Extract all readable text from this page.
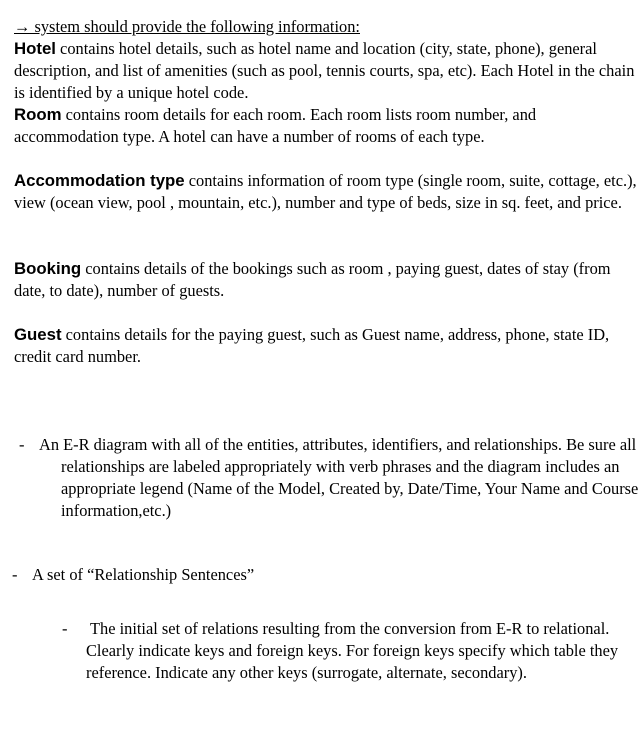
→ system should provide the following information:

Hotel contains hotel details, such as hotel name and location (city, state, phone), general description, and list of amenities (such as pool, tennis courts, spa, etc). Each Hotel in the chain is identified by a unique hotel code.

Room contains room details for each room. Each room lists room number, and accommodation type. A hotel can have a number of rooms of each type.

Accommodation type contains information of room type (single room, suite, cottage, etc.), view (ocean view, pool , mountain, etc.), number and type of beds, size in sq. feet, and price.

Booking contains details of the bookings such as room , paying guest, dates of stay (from date, to date), number of guests.

Guest contains details for the paying guest, such as Guest name, address, phone, state ID, credit card number.

- An E-R diagram with all of the entities, attributes, identifiers, and relationships. Be sure all relationships are labeled appropriately with verb phrases and the diagram includes an appropriate legend (Name of the Model, Created by, Date/Time, Your Name and Course information,etc.)
- A set of “Relationship Sentences”
-	The initial set of relations resulting from the conversion from E-R to relational. Clearly indicate keys and foreign keys. For foreign keys specify which table they reference. Indicate any other keys (surrogate, alternate, secondary).
